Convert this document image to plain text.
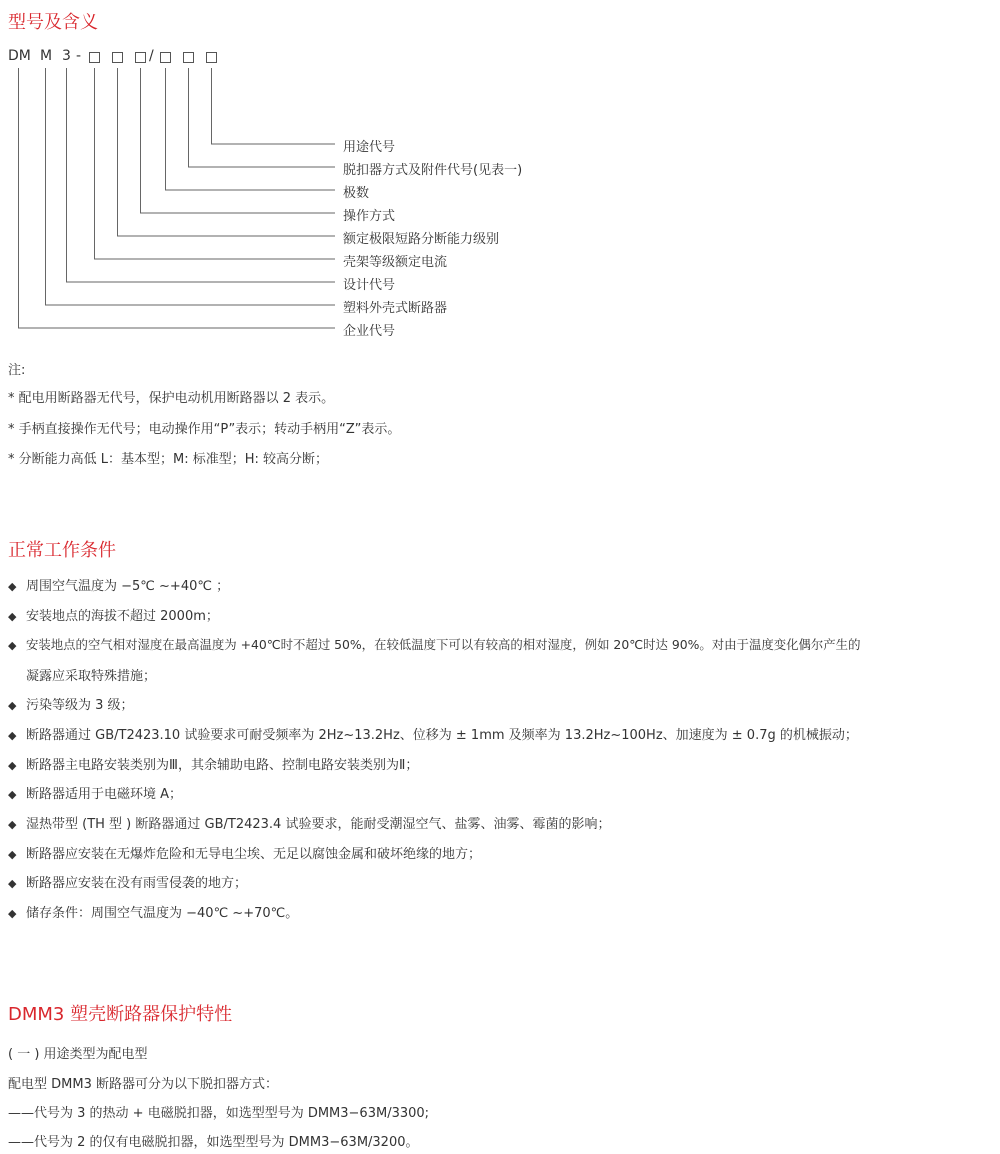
型号及含义
DM M 3 -	/
用途代号
脱扣器方式及附件代号(见表一)
极数
操作方式
额定极限短路分断能力级别
壳架等级额定电流
设计代号
塑料外壳式断路器
企业代号
注:
* 配电用断路器无代号，保护电动机用断路器以 2 表示。
* 手柄直接操作无代号；电动操作用“P”表示；转动手柄用“Z”表示。
* 分断能力高低 L：基本型；M: 标准型；H: 较高分断；
正常工作条件
◆ 周围空气温度为 −5℃ ~+40℃ ；
◆ 安装地点的海拔不超过 2000m；
◆ 安装地点的空气相对湿度在最高温度为 +40℃时不超过 50%，在较低温度下可以有较高的相对湿度，例如 20℃时达 90%。对由于温度变化偶尔产生的
凝露应采取特殊措施；
◆ 污染等级为 3 级；
◆ 断路器通过 GB/T2423.10 试验要求可耐受频率为 2Hz~13.2Hz、位移为 ± 1mm 及频率为 13.2Hz~100Hz、加速度为 ± 0.7g 的机械振动；
◆ 断路器主电路安装类别为Ⅲ，其余辅助电路、控制电路安装类别为Ⅱ；
◆ 断路器适用于电磁环境 A；
◆ 湿热带型 (TH 型 ) 断路器通过 GB/T2423.4 试验要求，能耐受潮湿空气、盐雾、油雾、霉菌的影响；
◆ 断路器应安装在无爆炸危险和无导电尘埃、无足以腐蚀金属和破坏绝缘的地方；
◆ 断路器应安装在没有雨雪侵袭的地方；
◆ 储存条件：周围空气温度为 −40℃ ~+70℃。
DMM3 塑壳断路器保护特性
( 一 ) 用途类型为配电型
配电型 DMM3 断路器可分为以下脱扣器方式：
——代号为 3 的热动 + 电磁脱扣器，如选型型号为 DMM3−63M/3300;
——代号为 2 的仅有电磁脱扣器，如选型型号为 DMM3−63M/3200。
